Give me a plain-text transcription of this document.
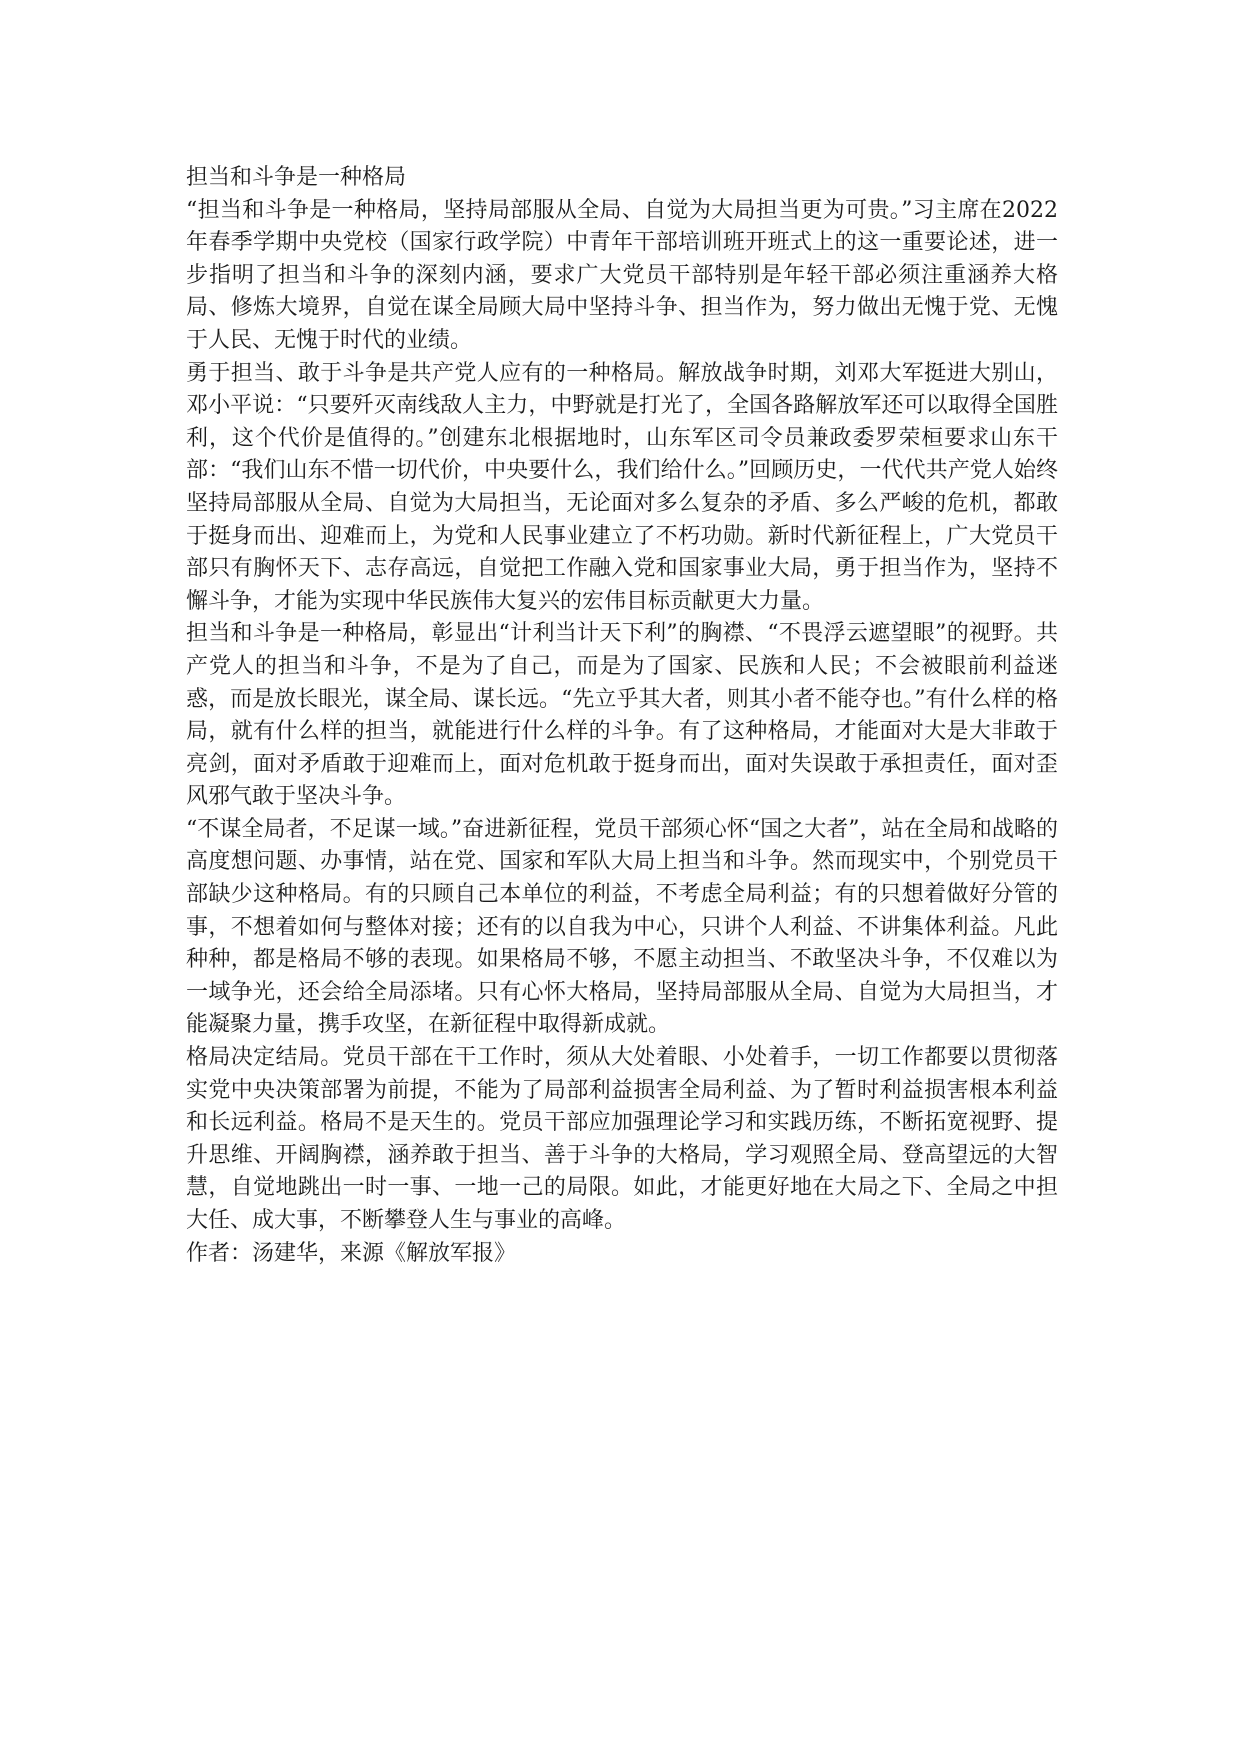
担当和斗争是一种格局

“担当和斗争是一种格局，坚持局部服从全局、自觉为大局担当更为可贵。”习主席在2022年春季学期中央党校（国家行政学院）中青年干部培训班开班式上的这一重要论述，进一步指明了担当和斗争的深刻内涵，要求广大党员干部特别是年轻干部必须注重涵养大格局、修炼大境界，自觉在谋全局顾大局中坚持斗争、担当作为，努力做出无愧于党、无愧于人民、无愧于时代的业绩。

勇于担当、敢于斗争是共产党人应有的一种格局。解放战争时期，刘邓大军挺进大别山，邓小平说：“只要歼灭南线敌人主力，中野就是打光了，全国各路解放军还可以取得全国胜利，这个代价是值得的。”创建东北根据地时，山东军区司令员兼政委罗荣桓要求山东干部：“我们山东不惜一切代价，中央要什么，我们给什么。”回顾历史，一代代共产党人始终坚持局部服从全局、自觉为大局担当，无论面对多么复杂的矛盾、多么严峻的危机，都敢于挺身而出、迎难而上，为党和人民事业建立了不朽功勋。新时代新征程上，广大党员干部只有胸怀天下、志存高远，自觉把工作融入党和国家事业大局，勇于担当作为，坚持不懈斗争，才能为实现中华民族伟大复兴的宏伟目标贡献更大力量。

担当和斗争是一种格局，彰显出“计利当计天下利”的胸襟、“不畏浮云遮望眼”的视野。共产党人的担当和斗争，不是为了自己，而是为了国家、民族和人民；不会被眼前利益迷惑，而是放长眼光，谋全局、谋长远。“先立乎其大者，则其小者不能夺也。”有什么样的格局，就有什么样的担当，就能进行什么样的斗争。有了这种格局，才能面对大是大非敢于亮剑，面对矛盾敢于迎难而上，面对危机敢于挺身而出，面对失误敢于承担责任，面对歪风邪气敢于坚决斗争。

“不谋全局者，不足谋一域。”奋进新征程，党员干部须心怀“国之大者”，站在全局和战略的高度想问题、办事情，站在党、国家和军队大局上担当和斗争。然而现实中，个别党员干部缺少这种格局。有的只顾自己本单位的利益，不考虑全局利益；有的只想着做好分管的事，不想着如何与整体对接；还有的以自我为中心，只讲个人利益、不讲集体利益。凡此种种，都是格局不够的表现。如果格局不够，不愿主动担当、不敢坚决斗争，不仅难以为一域争光，还会给全局添堵。只有心怀大格局，坚持局部服从全局、自觉为大局担当，才能凝聚力量，携手攻坚，在新征程中取得新成就。

格局决定结局。党员干部在干工作时，须从大处着眼、小处着手，一切工作都要以贯彻落实党中央决策部署为前提，不能为了局部利益损害全局利益、为了暂时利益损害根本利益和长远利益。格局不是天生的。党员干部应加强理论学习和实践历练，不断拓宽视野、提升思维、开阔胸襟，涵养敢于担当、善于斗争的大格局，学习观照全局、登高望远的大智慧，自觉地跳出一时一事、一地一己的局限。如此，才能更好地在大局之下、全局之中担大任、成大事，不断攀登人生与事业的高峰。

作者：汤建华，来源《解放军报》
